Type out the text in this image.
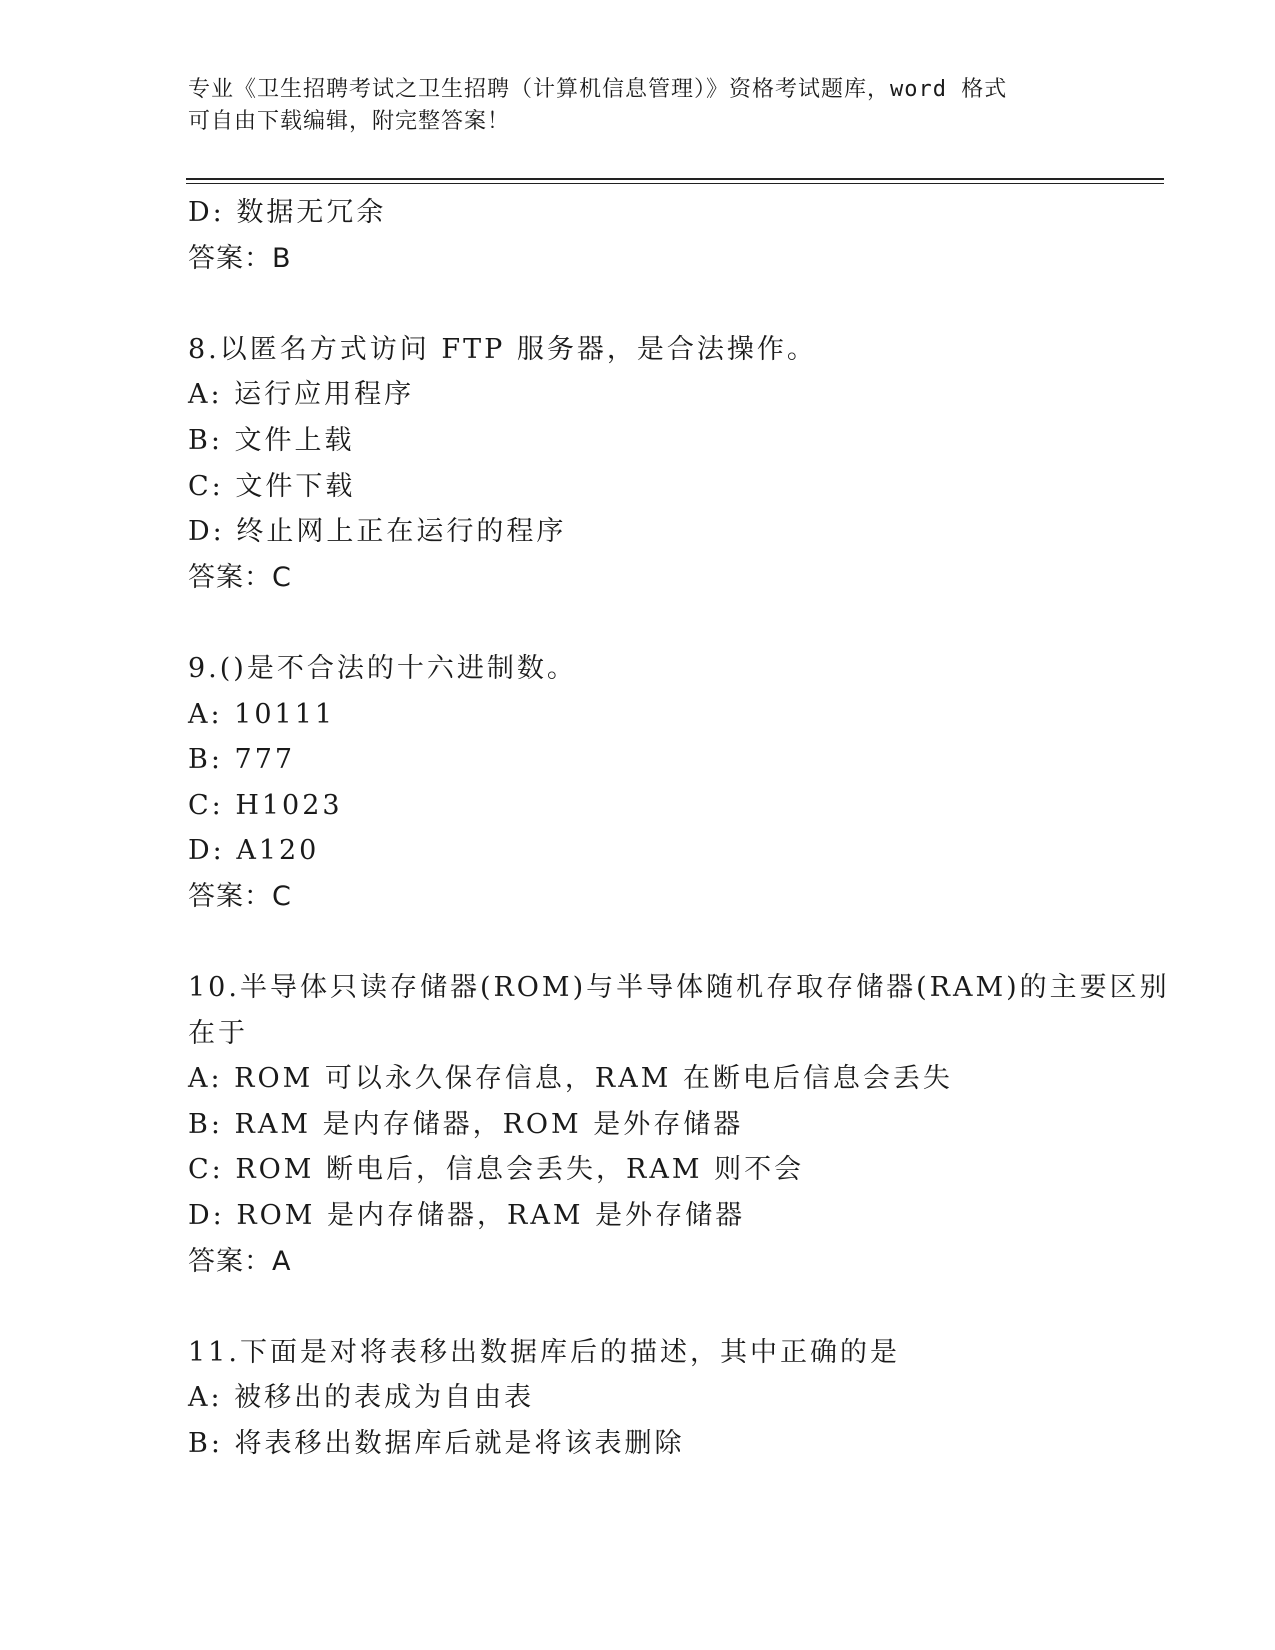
专业《卫生招聘考试之卫生招聘（计算机信息管理）》资格考试题库，word 格式
可自由下载编辑，附完整答案！
D: 数据无冗余
答案：B
8.以匿名方式访问 FTP 服务器，是合法操作。
A: 运行应用程序
B: 文件上载
C: 文件下载
D: 终止网上正在运行的程序
答案：C
9.()是不合法的十六进制数。
A: 10111
B: 777
C: H1023
D: A120
答案：C
10.半导体只读存储器(ROM)与半导体随机存取存储器(RAM)的主要区别
在于
A: ROM 可以永久保存信息，RAM 在断电后信息会丢失
B: RAM 是内存储器，ROM 是外存储器
C: ROM 断电后，信息会丢失，RAM 则不会
D: ROM 是内存储器，RAM 是外存储器
答案：A
11.下面是对将表移出数据库后的描述，其中正确的是
A: 被移出的表成为自由表
B: 将表移出数据库后就是将该表删除
